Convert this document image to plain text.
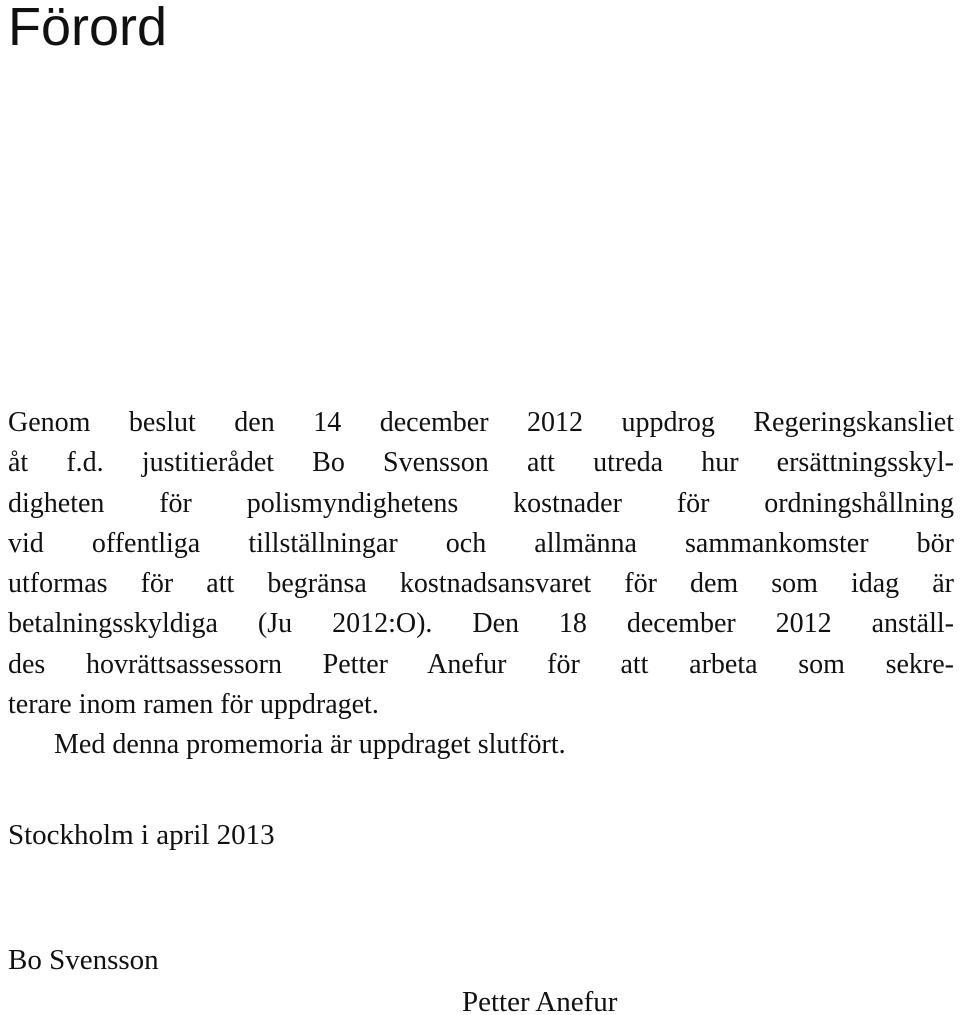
Förord
Genom beslut den 14 december 2012 uppdrog Regeringskansliet
åt f.d. justitierådet Bo Svensson att utreda hur ersättningsskyl-
digheten för polismyndighetens kostnader för ordningshållning
vid offentliga tillställningar och allmänna sammankomster bör
utformas för att begränsa kostnadsansvaret för dem som idag är
betalningsskyldiga (Ju 2012:O). Den 18 december 2012 anställ-
des hovrättsassessorn Petter Anefur för att arbeta som sekre-
terare inom ramen för uppdraget.
Med denna promemoria är uppdraget slutfört.
Stockholm i april 2013
Bo Svensson
Petter Anefur
